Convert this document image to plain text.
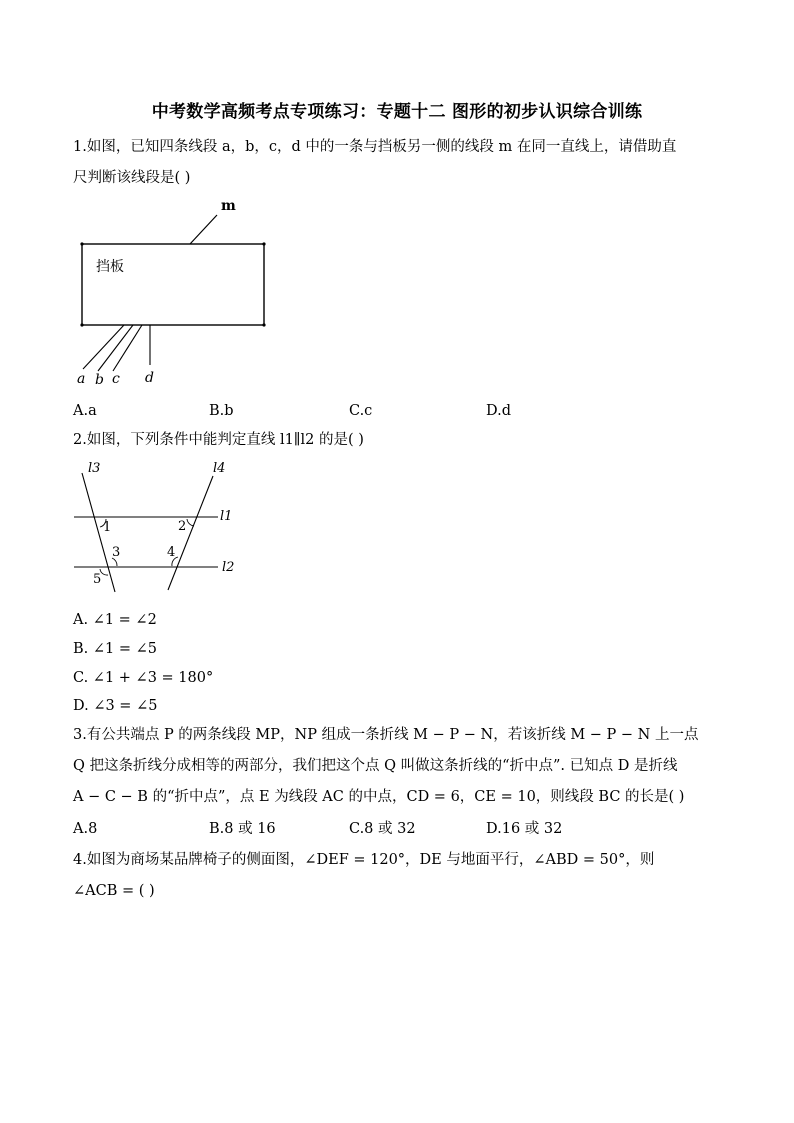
中考数学高频考点专项练习：专题十二 图形的初步认识综合训练
1.如图，已知四条线段 a，b，c，d 中的一条与挡板另一侧的线段 m 在同一直线上，请借助直
尺判断该线段是( )
挡板
m
a b c d
A.a	B.b	C.c	D.d
2.如图，下列条件中能判定直线 l1∥l2 的是( )
l3	l4
l1
l2
1	2
3	4
5
A. ∠1 = ∠2
B. ∠1 = ∠5
C. ∠1 + ∠3 = 180°
D. ∠3 = ∠5
3.有公共端点 P 的两条线段 MP，NP 组成一条折线 M − P − N，若该折线 M − P − N 上一点
Q 把这条折线分成相等的两部分，我们把这个点 Q 叫做这条折线的“折中点”. 已知点 D 是折线
A − C − B 的“折中点”，点 E 为线段 AC 的中点，CD = 6，CE = 10，则线段 BC 的长是( )
A.8	B.8 或 16	C.8 或 32	D.16 或 32
4.如图为商场某品牌椅子的侧面图，∠DEF = 120°，DE 与地面平行，∠ABD = 50°，则
∠ACB = ( )
